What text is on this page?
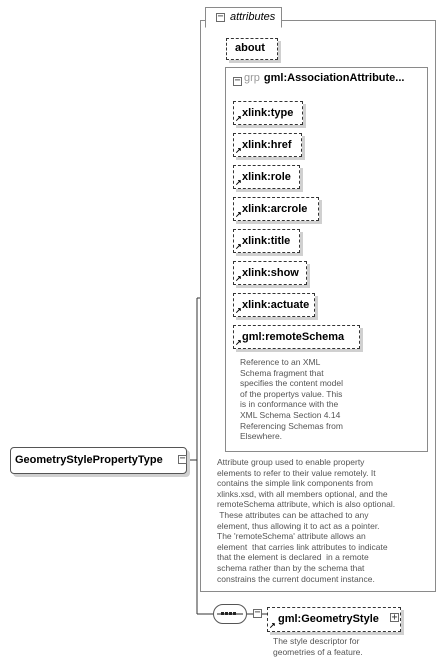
− attributes
about
− grp gml:AssociationAttribute...
↗ xlink:type
↗ xlink:href
↗ xlink:role
↗ xlink:arcrole
↗ xlink:title
↗ xlink:show
↗ xlink:actuate
↗ gml:remoteSchema
Reference to an XML
Schema fragment that
specifies the content model
of the propertys value. This
is in conformance with the
XML Schema Section 4.14
Referencing Schemas from
Elsewhere.
Attribute group used to enable property
elements to refer to their value remotely. It
contains the simple link components from
xlinks.xsd, with all members optional, and the
remoteSchema attribute, which is also optional.
These attributes can be attached to any
element, thus allowing it to act as a pointer.
The 'remoteSchema' attribute allows an
element  that carries link attributes to indicate
that the element is declared  in a remote
schema rather than by the schema that
constrains the current document instance.
GeometryStylePropertyType	−
−
↗
gml:GeometryStyle	+
The style descriptor for
geometries of a feature.
